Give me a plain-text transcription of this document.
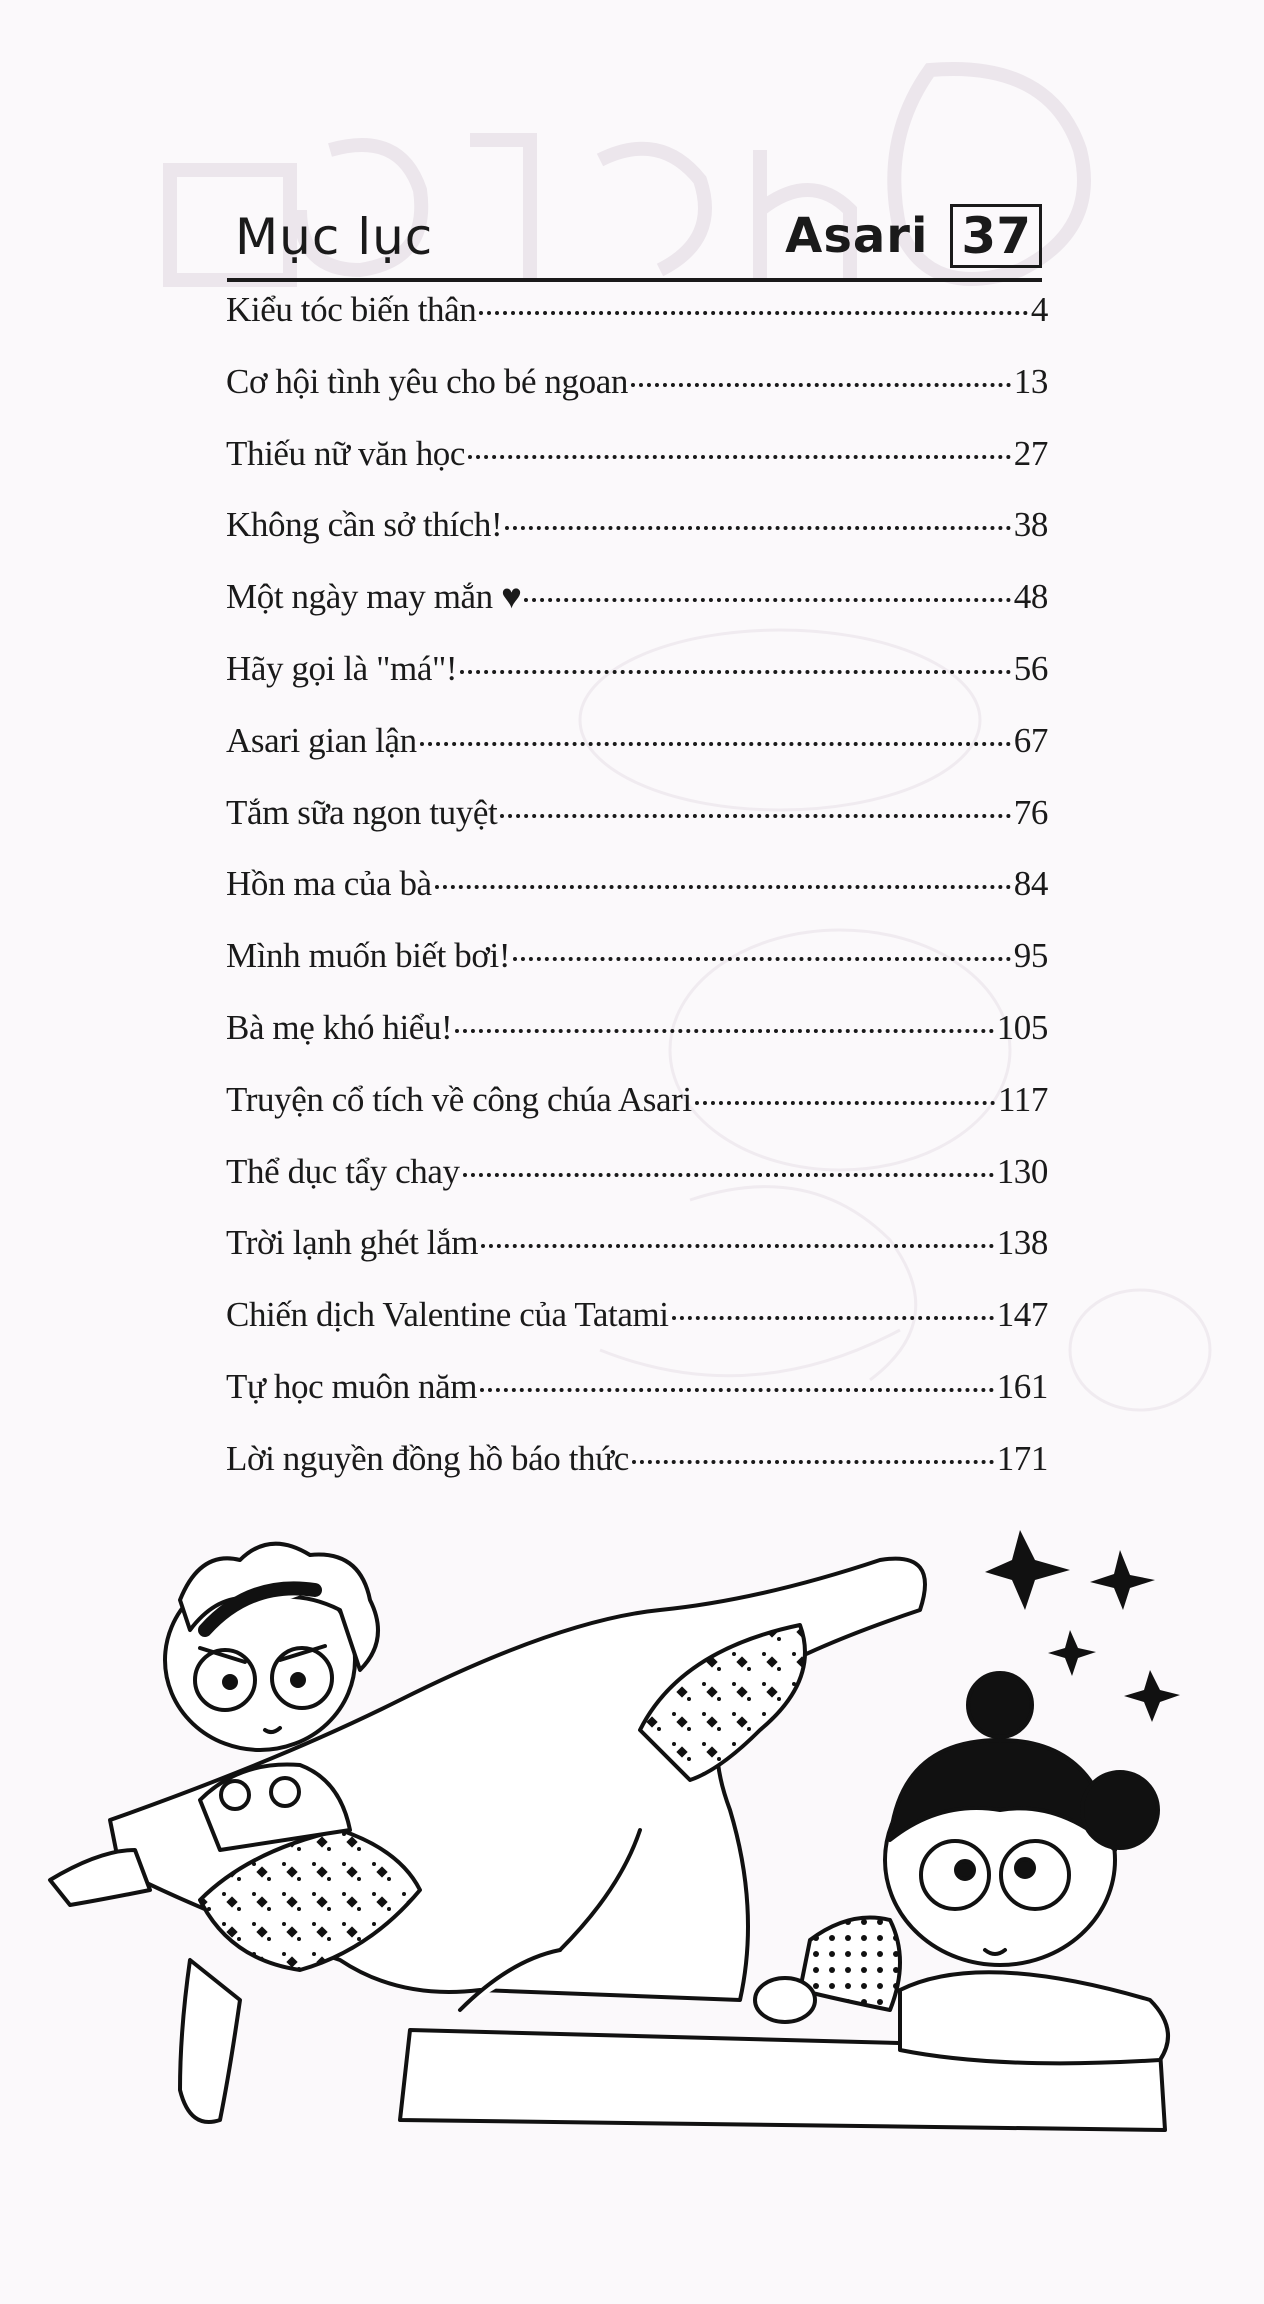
Mục lục	Asari 37
Kiểu tóc biến thân	4
Cơ hội tình yêu cho bé ngoan	13
Thiếu nữ văn học	27
Không cần sở thích!	38
Một ngày may mắn ♥	48
Hãy gọi là "má"!	56
Asari gian lận	67
Tắm sữa ngon tuyệt	76
Hồn ma của bà	84
Mình muốn biết bơi!	95
Bà mẹ khó hiểu!	105
Truyện cổ tích về công chúa Asari	117
Thể dục tẩy chay	130
Trời lạnh ghét lắm	138
Chiến dịch Valentine của Tatami	147
Tự học muôn năm	161
Lời nguyền đồng hồ báo thức	171
